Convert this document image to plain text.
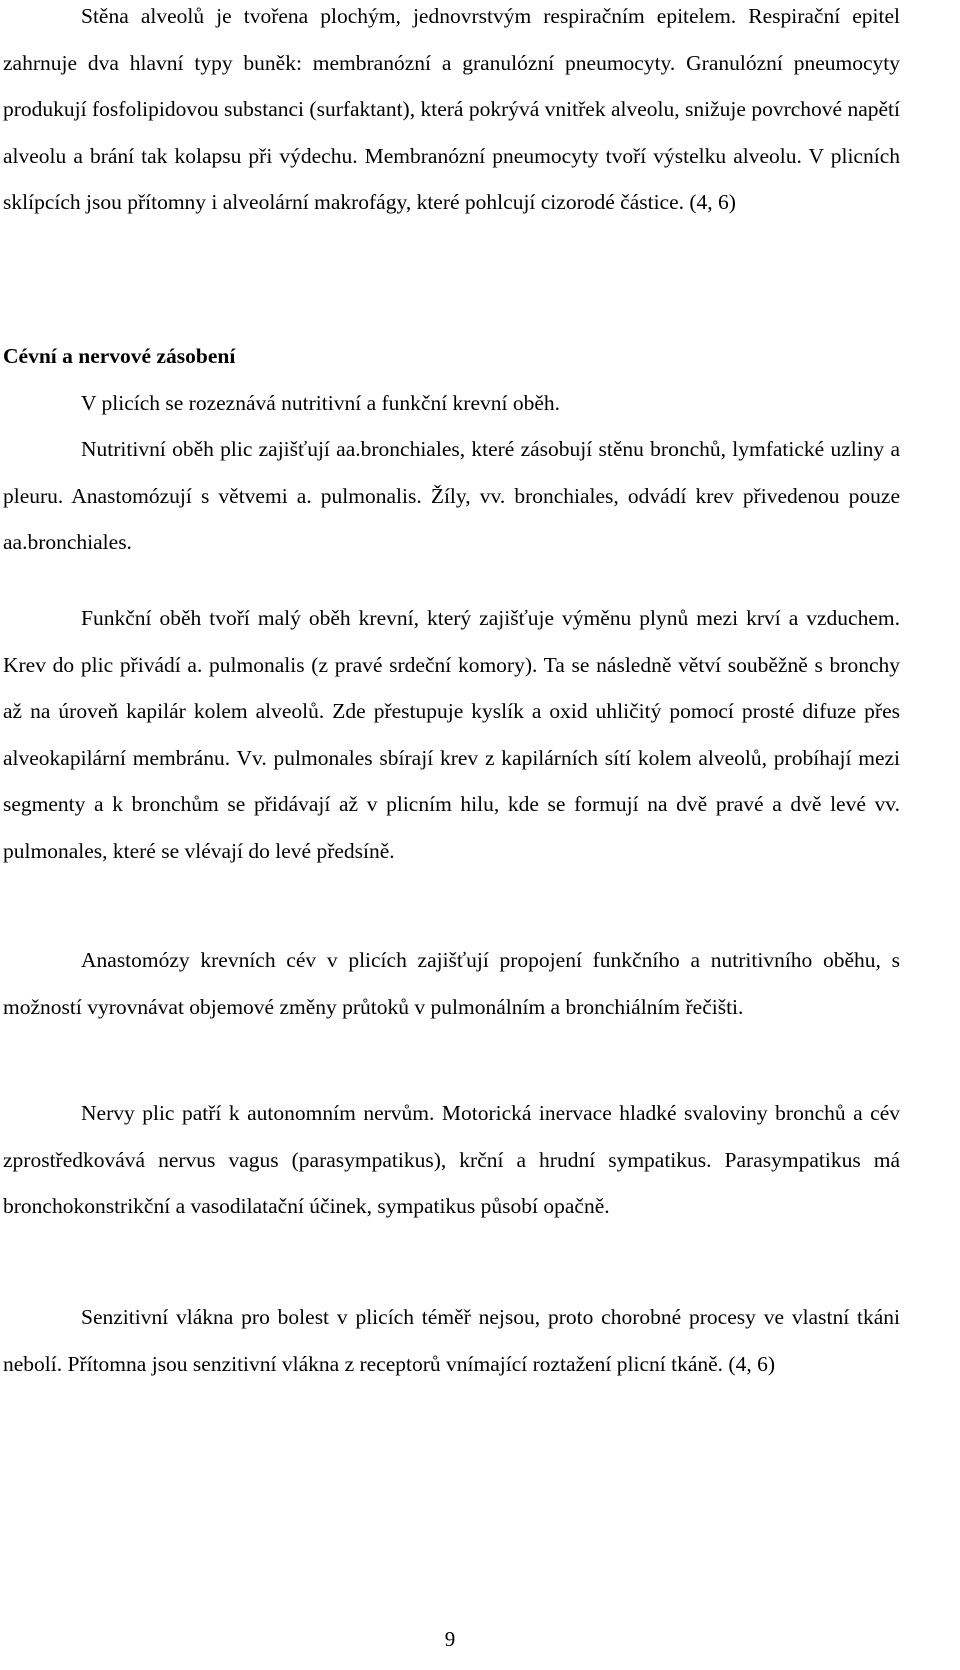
Stěna alveolů je tvořena plochým, jednovrstvým respiračním epitelem. Respirační epitel zahrnuje dva hlavní typy buněk: membranózní a granulózní pneumocyty. Granulózní pneumocyty produkují fosfolipidovou substanci (surfaktant), která pokrývá vnitřek alveolu, snižuje povrchové napětí alveolu a brání tak kolapsu při výdechu. Membranózní pneumocyty tvoří výstelku alveolu. V plicních sklípcích jsou přítomny i alveolární makrofágy, které pohlcují cizorodé částice. (4, 6)

Cévní a nervové zásobení

V plicích se rozeznává nutritivní a funkční krevní oběh.

Nutritivní oběh plic zajišťují aa.bronchiales, které zásobují stěnu bronchů, lymfatické uzliny a pleuru. Anastomózují s větvemi a. pulmonalis. Žíly, vv. bronchiales, odvádí krev přivedenou pouze aa.bronchiales.

Funkční oběh tvoří malý oběh krevní, který zajišťuje výměnu plynů mezi krví a vzduchem. Krev do plic přivádí a. pulmonalis (z pravé srdeční komory). Ta se následně větví souběžně s bronchy až na úroveň kapilár kolem alveolů. Zde přestupuje kyslík a oxid uhličitý pomocí prosté difuze přes alveokapilární membránu. Vv. pulmonales sbírají krev z kapilárních sítí kolem alveolů, probíhají mezi segmenty a k bronchům se přidávají až v plicním hilu, kde se formují na dvě pravé a dvě levé vv. pulmonales, které se vlévají do levé předsíně.

Anastomózy krevních cév v plicích zajišťují propojení funkčního a nutritivního oběhu, s možností vyrovnávat objemové změny průtoků v pulmonálním a bronchiálním řečišti.

Nervy plic patří k autonomním nervům. Motorická inervace hladké svaloviny bronchů a cév zprostředkovává nervus vagus (parasympatikus), krční a hrudní sympatikus. Parasympatikus má bronchokonstrikční a vasodilatační účinek, sympatikus působí opačně.

Senzitivní vlákna pro bolest v plicích téměř nejsou, proto chorobné procesy ve vlastní tkáni nebolí. Přítomna jsou senzitivní vlákna z receptorů vnímající roztažení plicní tkáně. (4, 6)

9
